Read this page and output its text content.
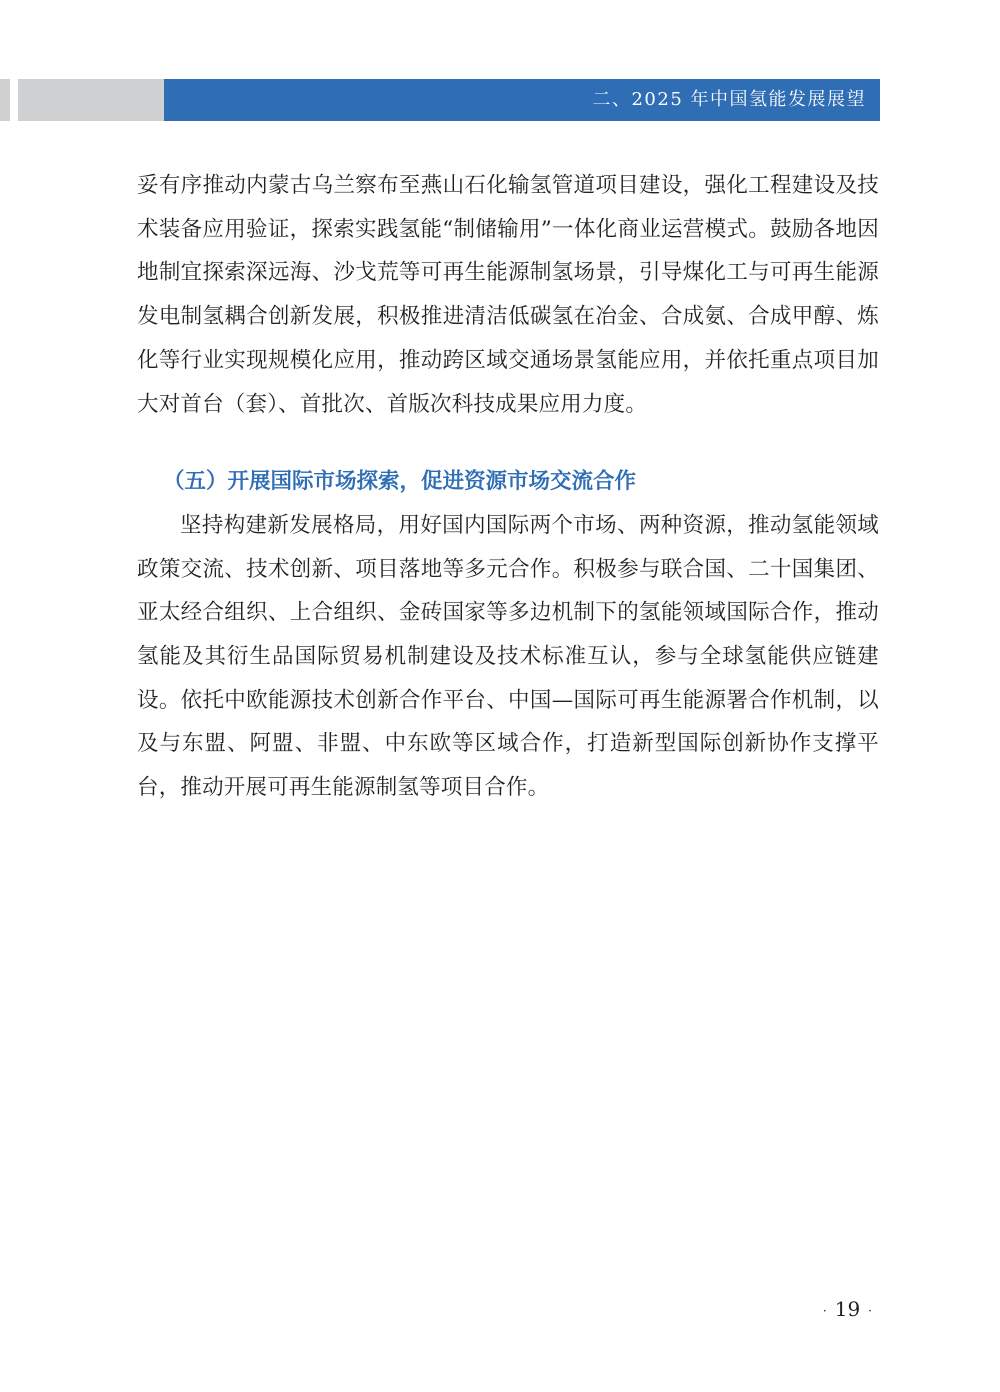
二、2025 年中国氢能发展展望

妥有序推动内蒙古乌兰察布至燕山石化输氢管道项目建设，强化工程建设及技术装备应用验证，探索实践氢能“制储输用”一体化商业运营模式。鼓励各地因地制宜探索深远海、沙戈荒等可再生能源制氢场景，引导煤化工与可再生能源发电制氢耦合创新发展，积极推进清洁低碳氢在冶金、合成氨、合成甲醇、炼化等行业实现规模化应用，推动跨区域交通场景氢能应用，并依托重点项目加大对首台（套）、首批次、首版次科技成果应用力度。

（五）开展国际市场探索，促进资源市场交流合作

坚持构建新发展格局，用好国内国际两个市场、两种资源，推动氢能领域政策交流、技术创新、项目落地等多元合作。积极参与联合国、二十国集团、亚太经合组织、上合组织、金砖国家等多边机制下的氢能领域国际合作，推动氢能及其衍生品国际贸易机制建设及技术标准互认，参与全球氢能供应链建设。依托中欧能源技术创新合作平台、中国—国际可再生能源署合作机制，以及与东盟、阿盟、非盟、中东欧等区域合作，打造新型国际创新协作支撑平台，推动开展可再生能源制氢等项目合作。

· 19 ·
